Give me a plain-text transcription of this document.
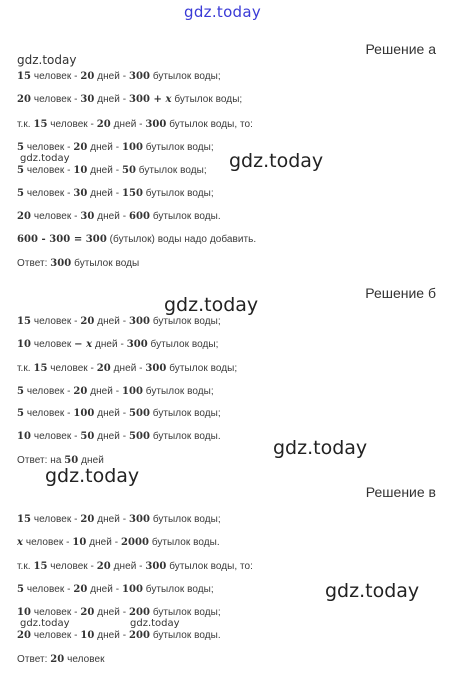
gdz.today
Решение а
gdz.today
15 человек - 20 дней - 300 бутылок воды;
20 человек - 30 дней - 300 + x бутылок воды;
т.к. 15 человек - 20 дней - 300 бутылок воды, то:
5 человек - 20 дней - 100 бутылок воды;
gdz.today	gdz.today
5 человек - 10 дней - 50 бутылок воды;
5 человек - 30 дней - 150 бутылок воды;
20 человек - 30 дней - 600 бутылок воды.
600 - 300 = 300 (бутылок) воды надо добавить.
Ответ: 300 бутылок воды
Решение б
gdz.today
15 человек - 20 дней - 300 бутылок воды;
10 человек − x дней - 300 бутылок воды;
т.к. 15 человек - 20 дней - 300 бутылок воды;
5 человек - 20 дней - 100 бутылок воды;
5 человек - 100 дней - 500 бутылок воды;
10 человек - 50 дней - 500 бутылок воды.
gdz.today
Ответ: на 50 дней
gdz.today
Решение в
15 человек - 20 дней - 300 бутылок воды;
x человек - 10 дней - 2000 бутылок воды.
т.к. 15 человек - 20 дней - 300 бутылок воды, то:
5 человек - 20 дней - 100 бутылок воды;	gdz.today
10 человек - 20 дней - 200 бутылок воды;
gdz.today	gdz.today
20 человек - 10 дней - 200 бутылок воды.
Ответ: 20 человек
